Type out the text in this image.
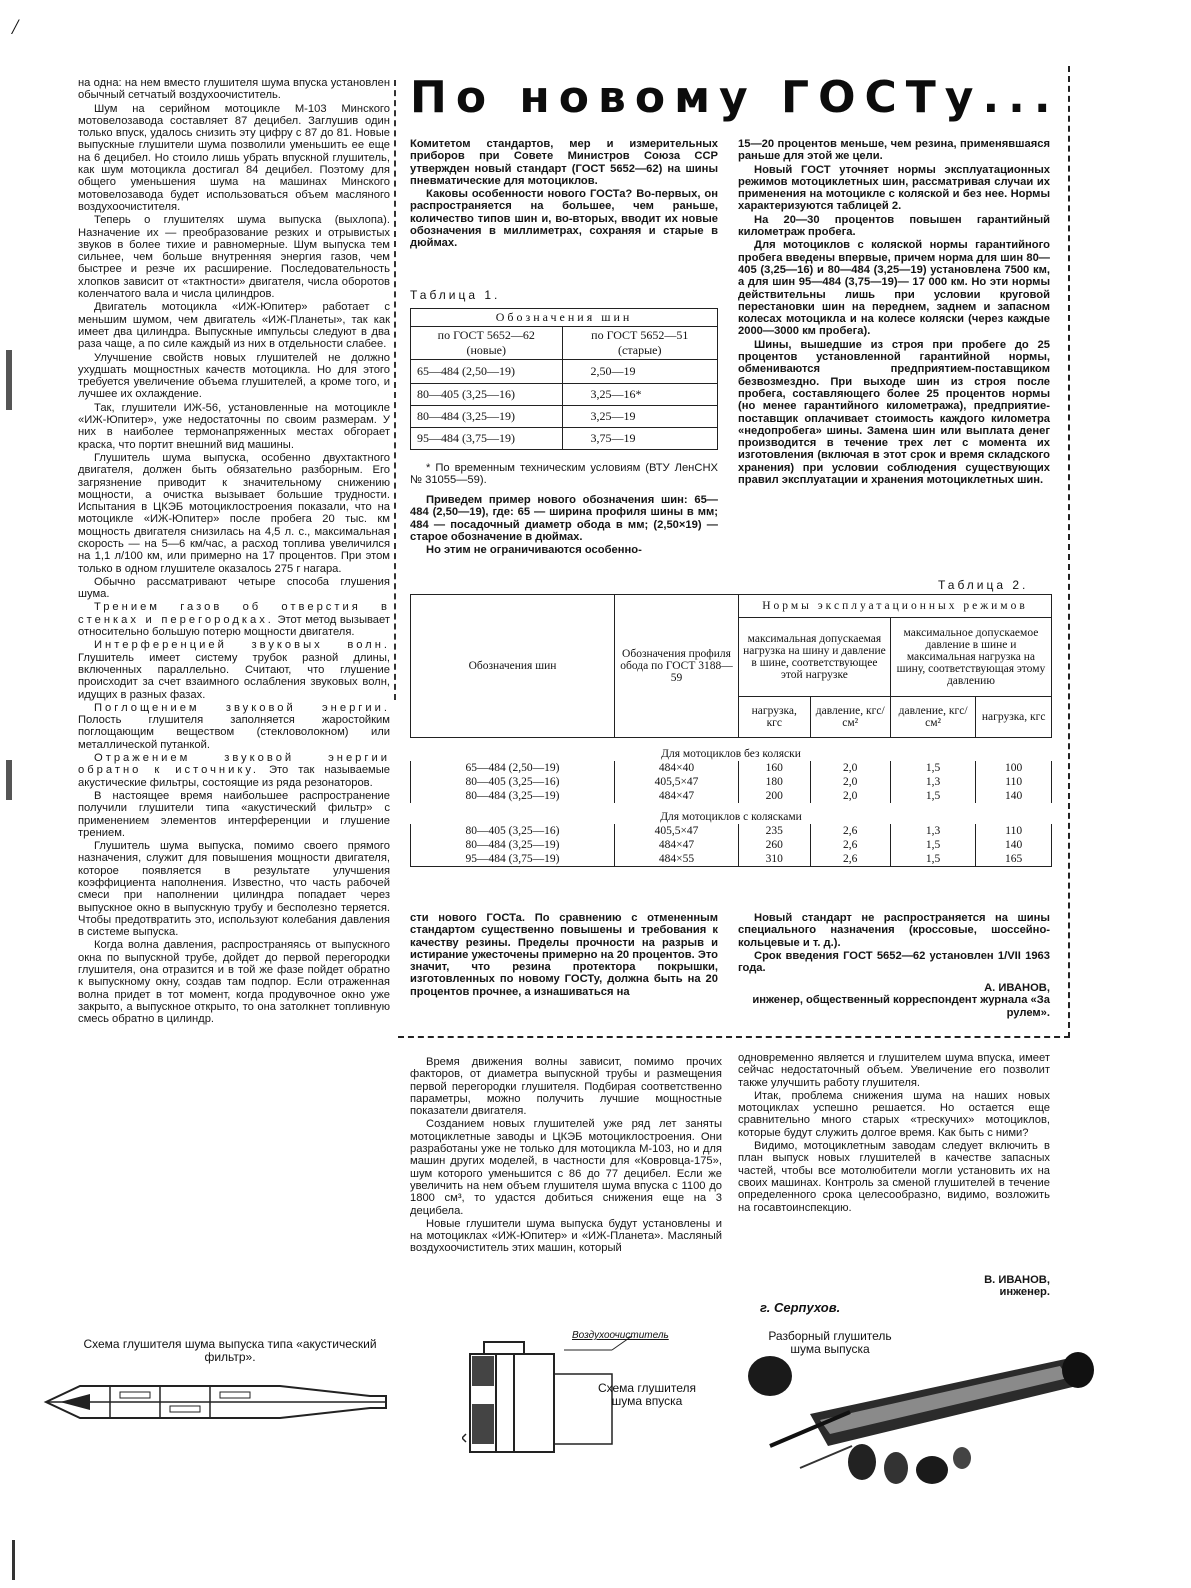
/

на одна: на нем вместо глушителя шума впуска установлен обычный сетчатый воздухоочиститель.

Шум на серийном мотоцикле М-103 Минского мотовелозавода составляет 87 децибел. Заглушив один только впуск, удалось снизить эту цифру с 87 до 81. Новые выпускные глушители шума позволили уменьшить ее еще на 6 децибел. Но стоило лишь убрать впускной глушитель, как шум мотоцикла достигал 84 децибел. Поэтому для общего уменьшения шума на машинах Минского мотовелозавода будет использоваться объем масляного воздухоочистителя.

Теперь о глушителях шума выпуска (выхлопа). Назначение их — преобразование резких и отрывистых звуков в более тихие и равномерные. Шум выпуска тем сильнее, чем больше внутренняя энергия газов, чем быстрее и резче их расширение. Последовательность хлопков зависит от «тактности» двигателя, числа оборотов коленчатого вала и числа цилиндров.

Двигатель мотоцикла «ИЖ-Юпитер» работает с меньшим шумом, чем двигатель «ИЖ-Планеты», так как имеет два цилиндра. Выпускные импульсы следуют в два раза чаще, а по силе каждый из них в отдельности слабее.

Улучшение свойств новых глушителей не должно ухудшать мощностных качеств мотоцикла. Но для этого требуется увеличение объема глушителей, а кроме того, и лучшее их охлаждение.

Так, глушители ИЖ-56, установленные на мотоцикле «ИЖ-Юпитер», уже недостаточны по своим размерам. У них в наиболее термонапряженных местах обгорает краска, что портит внешний вид машины.

Глушитель шума выпуска, особенно двухтактного двигателя, должен быть обязательно разборным. Его загрязнение приводит к значительному снижению мощности, а очистка вызывает большие трудности. Испытания в ЦКЭБ мотоциклостроения показали, что на мотоцикле «ИЖ-Юпитер» после пробега 20 тыс. км мощность двигателя снизилась на 4,5 л. с., максимальная скорость — на 5—6 км/час, а расход топлива увеличился на 1,1 л/100 км, или примерно на 17 процентов. При этом только в одном глушителе оказалось 275 г нагара.

Обычно рассматривают четыре способа глушения шума.

Трением газов об отверстия в стенках и перегородках. Этот метод вызывает относительно большую потерю мощности двигателя.

Интерференцией звуковых волн. Глушитель имеет систему трубок разной длины, включенных параллельно. Считают, что глушение происходит за счет взаимного ослабления звуковых волн, идущих в разных фазах.

Поглощением звуковой энергии. Полость глушителя заполняется жаростойким поглощающим веществом (стекловолокном) или металлической путанкой.

Отражением звуковой энергии обратно к источнику. Это так называемые акустические фильтры, состоящие из ряда резонаторов.

В настоящее время наибольшее распространение получили глушители типа «акустический фильтр» с применением элементов интерференции и глушение трением.

Глушитель шума выпуска, помимо своего прямого назначения, служит для повышения мощности двигателя, которое появляется в результате улучшения коэффициента наполнения. Известно, что часть рабочей смеси при наполнении цилиндра попадает через выпускное окно в выпускную трубу и бесполезно теряется. Чтобы предотвратить это, используют колебания давления в системе выпуска.

Когда волна давления, распространяясь от выпускного окна по выпускной трубе, дойдет до первой перегородки глушителя, она отразится и в той же фазе пойдет обратно к выпускному окну, создав там подпор. Если отраженная волна придет в тот момент, когда продувочное окно уже закрыто, а выпускное открыто, то она затолкнет топливную смесь обратно в цилиндр.

Схема глушителя шума выпуска типа «акустический фильтр».
По новому ГОСТу...

Комитетом стандартов, мер и измерительных приборов при Совете Министров Союза ССР утвержден новый стандарт (ГОСТ 5652—62) на шины пневматические для мотоциклов.

Каковы особенности нового ГОСТа? Во-первых, он распространяется на большее, чем раньше, количество типов шин и, во-вторых, вводит их новые обозначения в миллиметрах, сохраняя и старые в дюймах.

Таблица 1.
Обозначения шин	
по ГОСТ 5652—62 (новые)	по ГОСТ 5652—51 (старые)
65—484 (2,50—19)	2,50—19
80—405 (3,25—16)	3,25—16*
80—484 (3,25—19)	3,25—19
95—484 (3,75—19)	3,75—19

* По временным техническим условиям (ВТУ ЛенСНХ № 31055—59).

Приведем пример нового обозначения шин: 65—484 (2,50—19), где: 65 — ширина профиля шины в мм; 484 — посадочный диаметр обода в мм; (2,50×19) — старое обозначение в дюймах.

Но этим не ограничиваются особенно-

15—20 процентов меньше, чем резина, применявшаяся раньше для этой же цели.

Новый ГОСТ уточняет нормы эксплуатационных режимов мотоциклетных шин, рассматривая случаи их применения на мотоцикле с коляской и без нее. Нормы характеризуются таблицей 2.

На 20—30 процентов повышен гарантийный километраж пробега.

Для мотоциклов с коляской нормы гарантийного пробега введены впервые, причем норма для шин 80—405 (3,25—16) и 80—484 (3,25—19) установлена 7500 км, а для шин 95—484 (3,75—19)— 17 000 км. Но эти нормы действительны лишь при условии круговой перестановки шин на переднем, заднем и запасном колесах мотоцикла и на колесе коляски (через каждые 2000—3000 км пробега).

Шины, вышедшие из строя при пробеге до 25 процентов установленной гарантийной нормы, обмениваются предприятием-поставщиком безвозмездно. При выходе шин из строя после пробега, составляющего более 25 процентов нормы (но менее гарантийного километража), предприятие-поставщик оплачивает стоимость каждого километра «недопробега» шины. Замена шин или выплата денег производится в течение трех лет с момента их изготовления (включая в этот срок и время складского хранения) при условии соблюдения существующих правил эксплуатации и хранения мотоциклетных шин.

Таблица 2.
Обозначения шин	Обозначения профиля обода по ГОСТ 3188—59	Нормы эксплуатационных режимов			
		максимальная допускаемая нагрузка на шину и давление в шине, соответствующее этой нагрузке		максимальное допускаемое давление в шине и максимальная нагрузка на шину, соответствующая этому давлению	
		нагрузка, кгс	давление, кгс/см²	давление, кгс/см²	нагрузка, кгс
Для мотоциклов без коляски					
65—484 (2,50—19)	484×40	160	2,0	1,5	100
80—405 (3,25—16)	405,5×47	180	2,0	1,3	110
80—484 (3,25—19)	484×47	200	2,0	1,5	140
Для мотоциклов с колясками					
80—405 (3,25—16)	405,5×47	235	2,6	1,3	110
80—484 (3,25—19)	484×47	260	2,6	1,5	140
95—484 (3,75—19)	484×55	310	2,6	1,5	165

сти нового ГОСТа. По сравнению с отмененным стандартом существенно повышены и требования к качеству резины. Пределы прочности на разрыв и истирание ужесточены примерно на 20 процентов. Это значит, что резина протектора покрышки, изготовленных по новому ГОСТу, должна быть на 20 процентов прочнее, а изнашиваться на

Новый стандарт не распространяется на шины специального назначения (кроссовые, шоссейно-кольцевые и т. д.).

Срок введения ГОСТ 5652—62 установлен 1/VII 1963 года.

А. ИВАНОВ,
инженер, общественный корреспондент журнала «За рулем».

Время движения волны зависит, помимо прочих факторов, от диаметра выпускной трубы и размещения первой перегородки глушителя. Подбирая соответственно параметры, можно получить лучшие мощностные показатели двигателя.

Созданием новых глушителей уже ряд лет заняты мотоциклетные заводы и ЦКЭБ мотоциклостроения. Они разработаны уже не только для мотоцикла М-103, но и для машин других моделей, в частности для «Ковровца-175», шум которого уменьшится с 86 до 77 децибел. Если же увеличить на нем объем глушителя шума впуска с 1100 до 1800 см³, то удастся добиться снижения еще на 3 децибела.

Новые глушители шума выпуска будут установлены и на мотоциклах «ИЖ-Юпитер» и «ИЖ-Планета». Масляный воздухоочиститель этих машин, который

одновременно является и глушителем шума впуска, имеет сейчас недостаточный объем. Увеличение его позволит также улучшить работу глушителя.

Итак, проблема снижения шума на наших новых мотоциклах успешно решается. Но остается еще сравнительно много старых «трескучих» мотоциклов, которые будут служить долгое время. Как быть с ними?

Видимо, мотоциклетным заводам следует включить в план выпуск новых глушителей в качестве запасных частей, чтобы все мотолюбители могли установить их на своих машинах. Контроль за сменой глушителей в течение определенного срока целесообразно, видимо, возложить на госавтоинспекцию.

В. ИВАНОВ,
инженер.
г. Серпухов.
Воздухоочиститель
Схема глушителя шума впуска
Разборный глушитель шума выпуска
